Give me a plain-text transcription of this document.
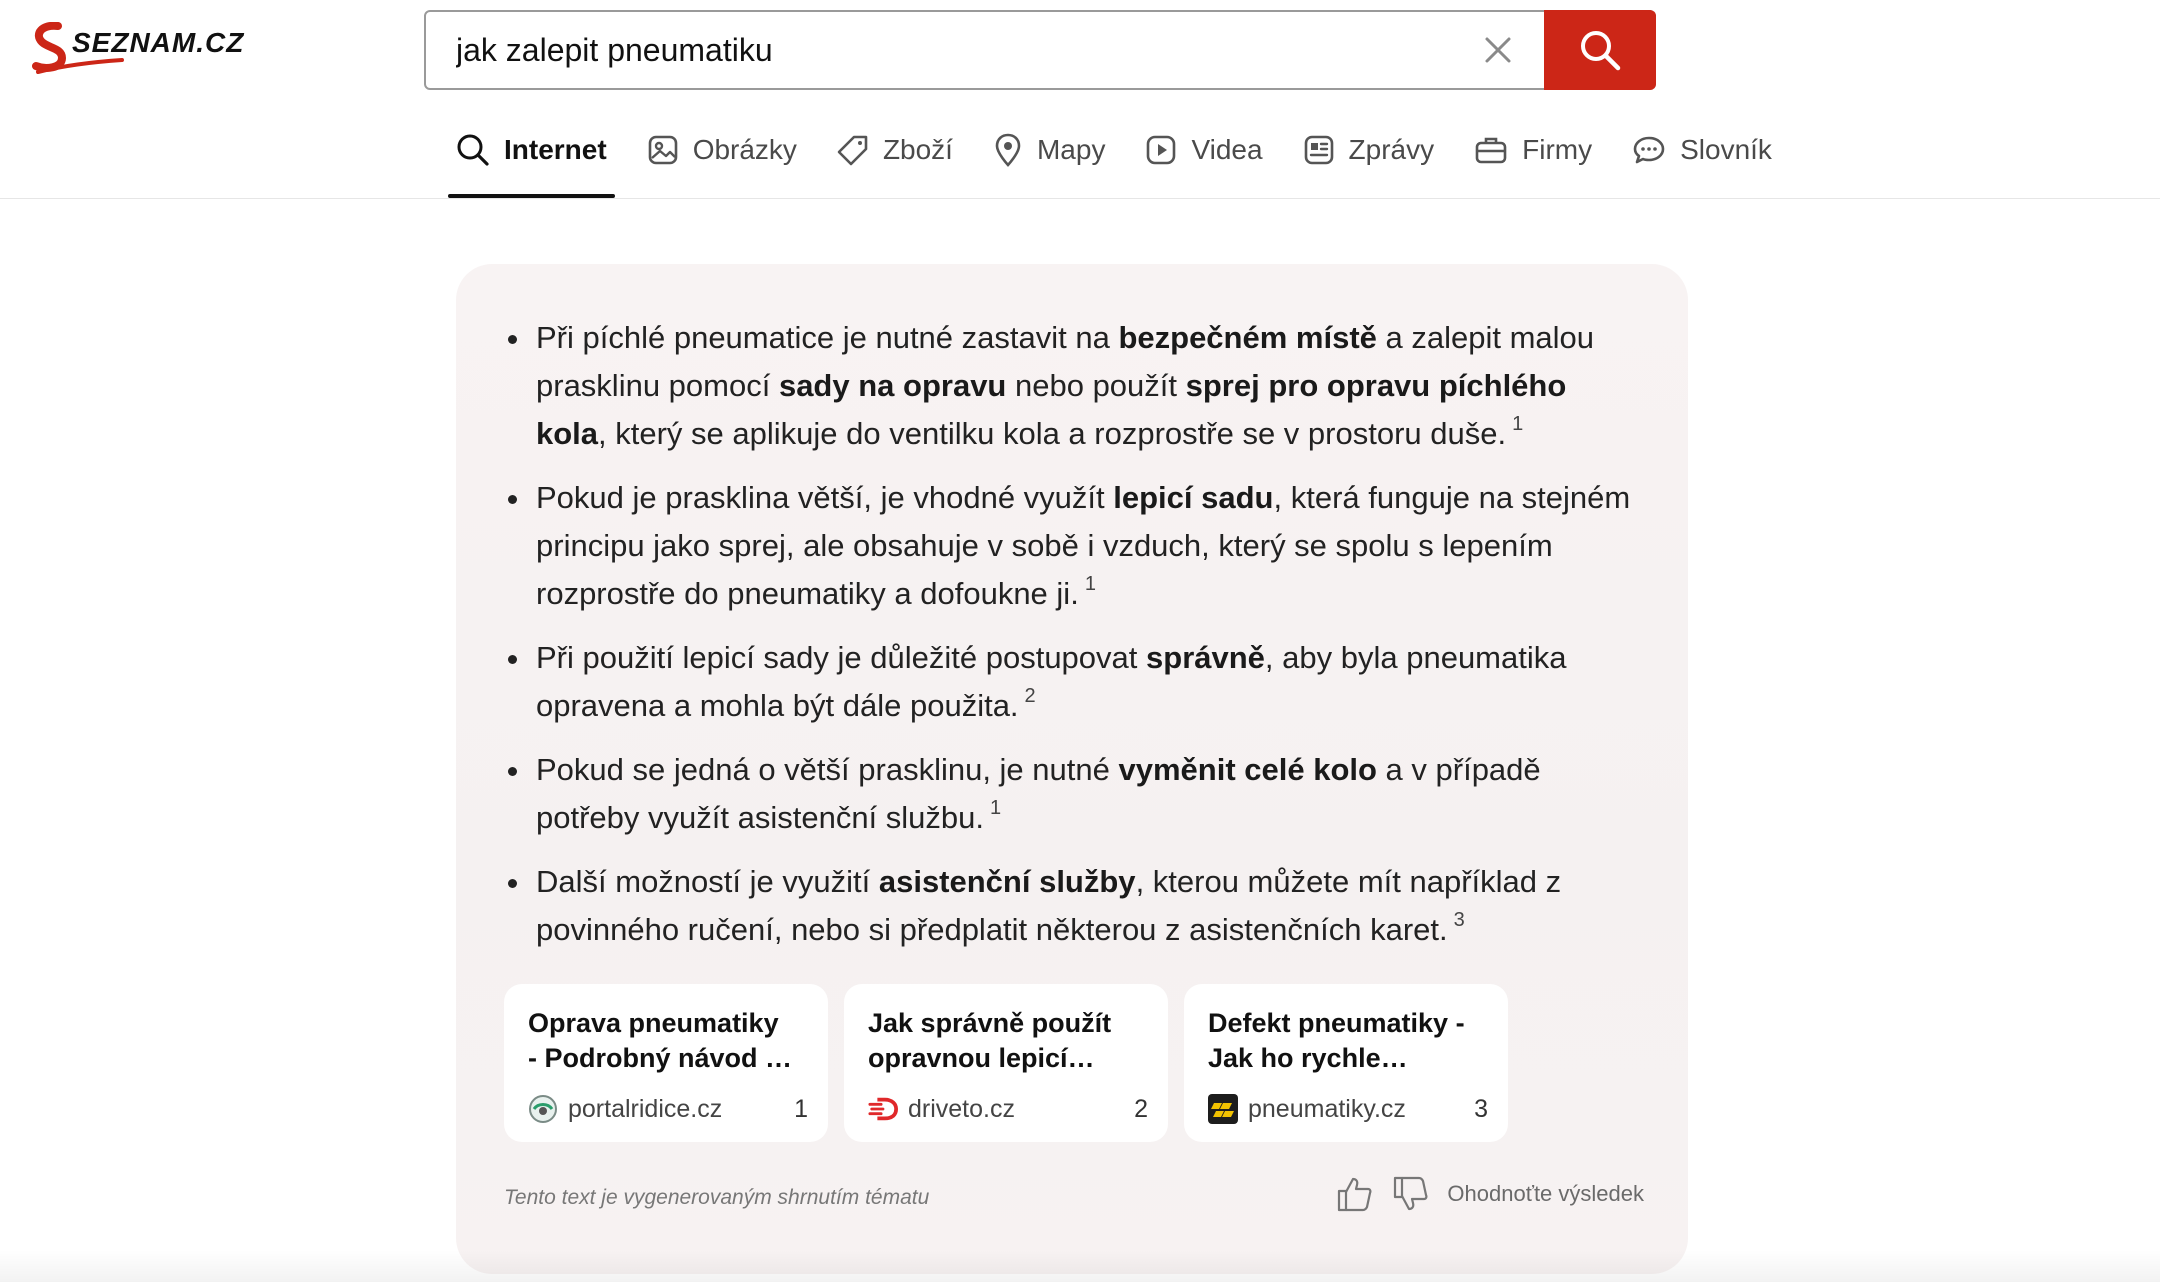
SEZNAM.CZ
jak zalepit pneumatiku
Internet	Obrázky	Zboží	Mapy	Videa	Zprávy	Firmy	Slovník
Při píchlé pneumatice je nutné zastavit na bezpečném místě a zalepit malou prasklinu pomocí sady na opravu nebo použít sprej pro opravu píchlého kola, který se aplikuje do ventilku kola a rozprostře se v prostoru duše. $^1$
Pokud je prasklina větší, je vhodné využít lepicí sadu, která funguje na stejném principu jako sprej, ale obsahuje v sobě i vzduch, který se spolu s lepením rozprostře do pneumatiky a dofoukne ji. $^1$
Při použití lepicí sady je důležité postupovat správně, aby byla pneumatika opravena a mohla být dále použita. $^2$
Pokud se jedná o větší prasklinu, je nutné vyměnit celé kolo a v případě potřeby využít asistenční službu. $^1$
Další možností je využití asistenční služby, kterou můžete mít například z povinného ručení, nebo si předplatit některou z asistenčních karet. $^3$
Oprava pneumatiky
- Podrobný návod …
portalridice.cz	1
Jak správně použít
opravnou lepicí…
driveto.cz	2
Defekt pneumatiky -
Jak ho rychle…
pneumatiky.cz	3
Tento text je vygenerovaným shrnutím tématu	Ohodnoťte výsledek
